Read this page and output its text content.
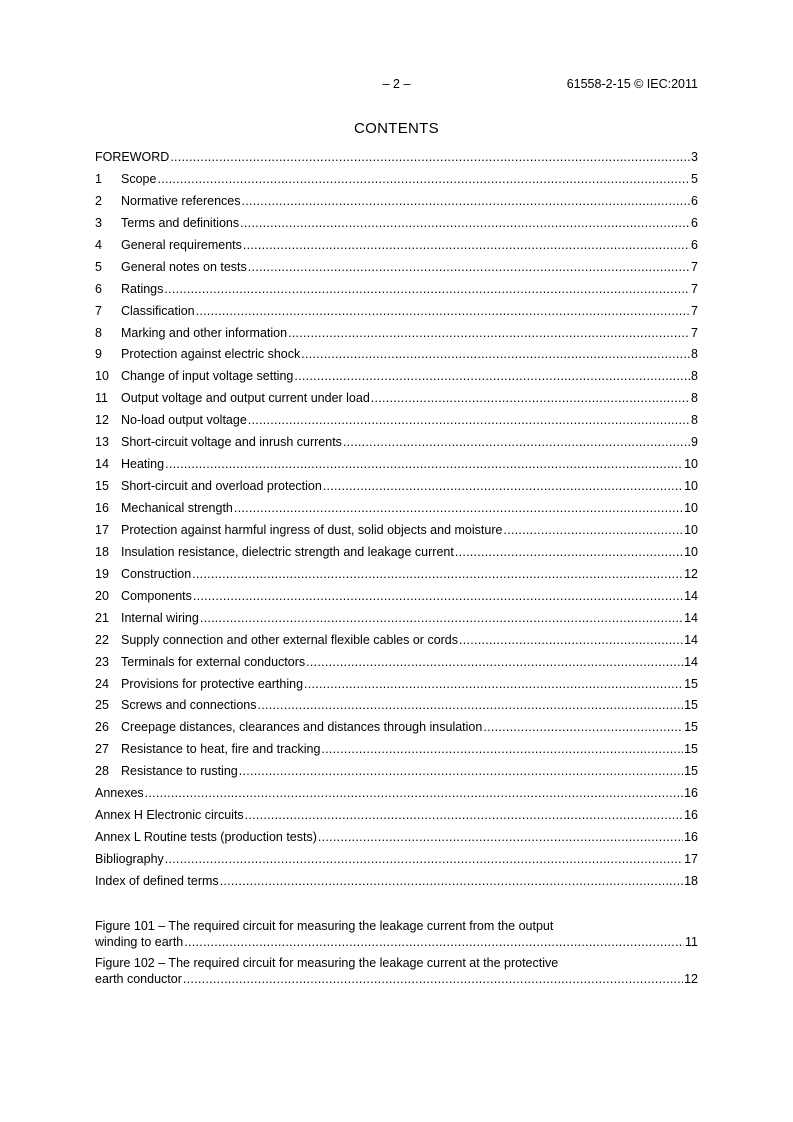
– 2 –	61558-2-15 © IEC:2011
CONTENTS
FOREWORD . . .	3
1	Scope . . .	5
2	Normative references . . .	6
3	Terms and definitions . . .	6
4	General requirements . . .	6
5	General notes on tests . . .	7
6	Ratings . . .	7
7	Classification . . .	7
8	Marking and other information . . .	7
9	Protection against electric shock . . .	8
10 Change of input voltage setting . . .	8
11	Output voltage and output current under load . . .	8
12 No-load output voltage . . .	8
13 Short-circuit voltage and inrush currents . . .	9
14 Heating . . .	10
15 Short-circuit and overload protection . . .	10
16 Mechanical strength . . .	10
17 Protection against harmful ingress of dust, solid objects and moisture . . .	10
18 Insulation resistance, dielectric strength and leakage current . . .	10
19 Construction . . .	12
20 Components . . .	14
21 Internal wiring . . .	14
22 Supply connection and other external flexible cables or cords . . .	14
23 Terminals for external conductors . . .	14
24 Provisions for protective earthing . . .	15
25 Screws and connections . . .	15
26 Creepage distances, clearances and distances through insulation . . .	15
27 Resistance to heat, fire and tracking . . .	15
28 Resistance to rusting . . .	15
Annexes . . .	16
Annex H Electronic circuits . . .	16
Annex L Routine tests (production tests) . . .	16
Bibliography . . .	17
Index of defined terms . . .	18
Figure 101 – The required circuit for measuring the leakage current from the output
winding to earth . . .	11
Figure 102 – The required circuit for measuring the leakage current at the protective
earth conductor . . .	12
